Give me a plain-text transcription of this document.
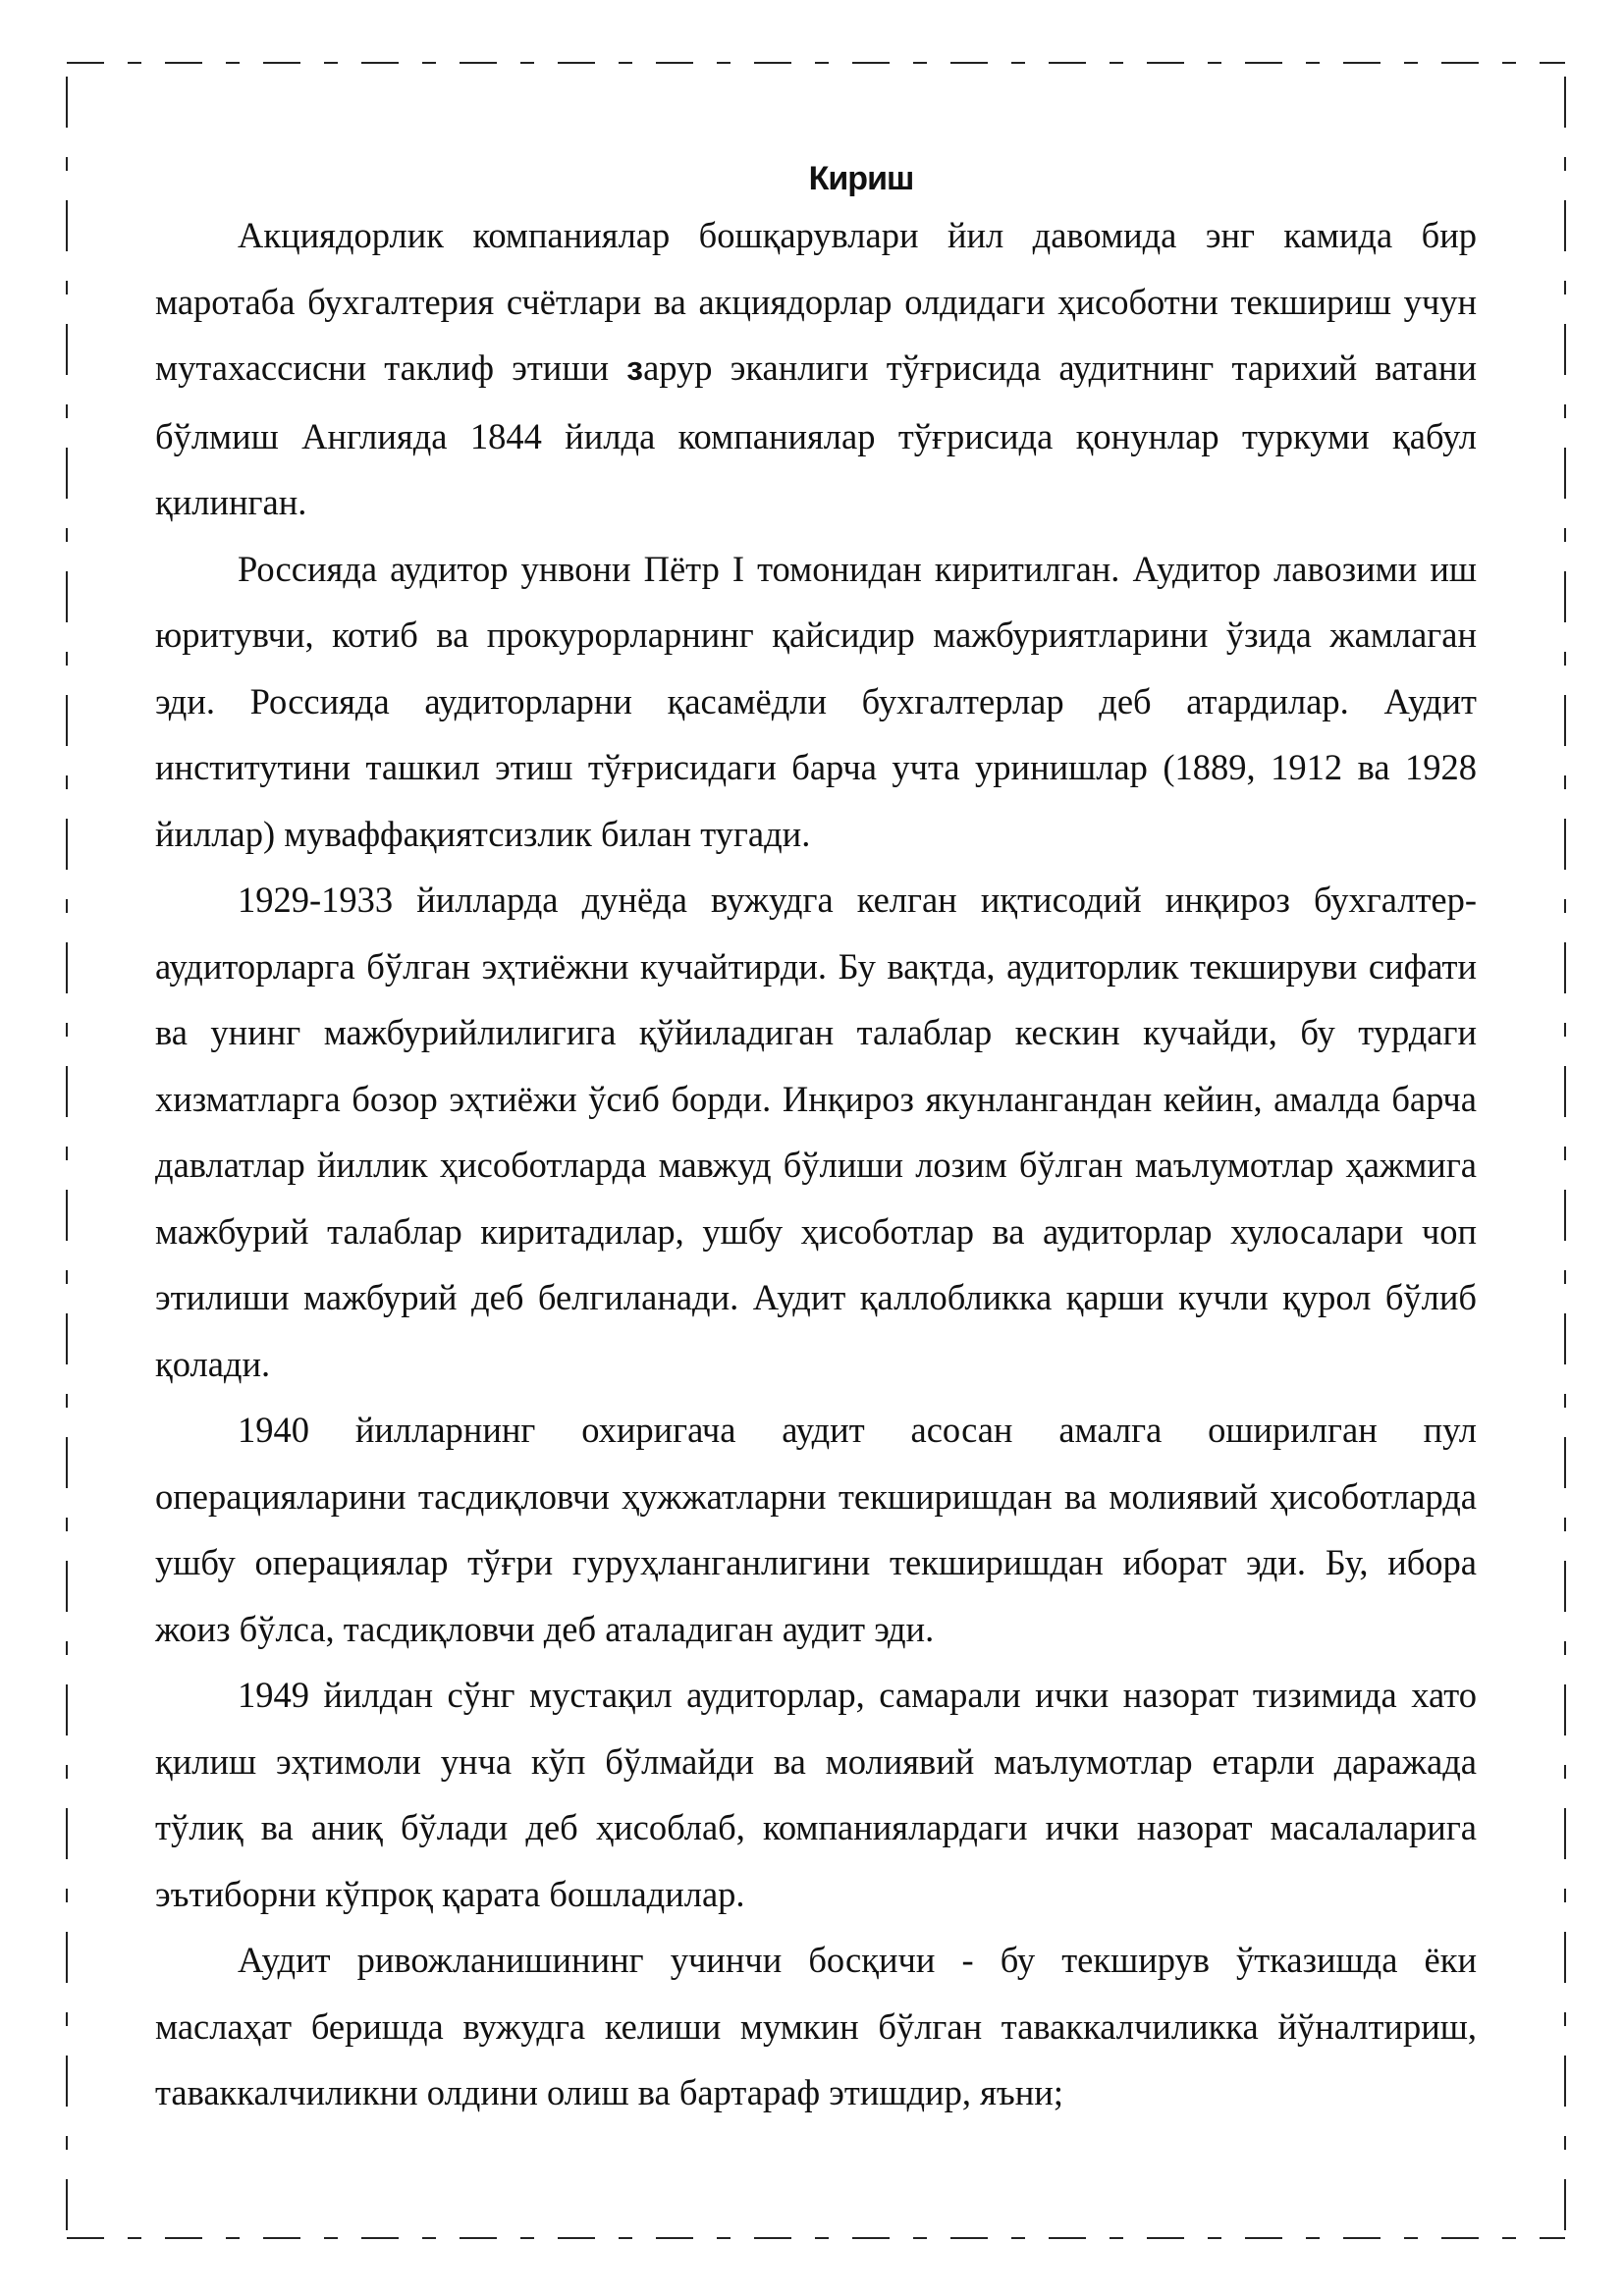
Кириш

Акциядорлик компаниялар бошқарувлари йил давомида энг камида бир маротаба бухгалтерия счётлари ва акциядорлар олдидаги ҳисоботни текшириш учун мутахассисни таклиф этиши зарур эканлиги тўғрисида аудитнинг тарихий ватани бўлмиш Англияда 1844 йилда компаниялар тўғрисида қонунлар туркуми қабул қилинган.

Россияда аудитор унвони Пётр I томонидан киритилган. Аудитор лавозими иш юритувчи, котиб ва прокурорларнинг қайсидир мажбуриятларини ўзида жамлаган эди. Россияда аудиторларни қасамёдли бухгалтерлар деб атардилар. Аудит институтини ташкил этиш тўғрисидаги барча учта уринишлар (1889, 1912 ва 1928 йиллар) муваффақиятсизлик билан тугади.

1929-1933 йилларда дунёда вужудга келган иқтисодий инқироз бухгалтер-аудиторларга бўлган эҳтиёжни кучайтирди. Бу вақтда, аудиторлик текшируви сифати ва унинг мажбурийлилигига қўйиладиган талаблар кескин кучайди, бу турдаги хизматларга бозор эҳтиёжи ўсиб борди. Инқироз якунлангандан кейин, амалда барча давлатлар йиллик ҳисоботларда мавжуд бўлиши лозим бўлган маълумотлар ҳажмига мажбурий талаблар киритадилар, ушбу ҳисоботлар ва аудиторлар хулосалари чоп этилиши мажбурий деб белгиланади. Аудит қаллобликка қарши кучли қурол бўлиб қолади.

1940 йилларнинг охиригача аудит асосан амалга оширилган пул операцияларини тасдиқловчи ҳужжатларни текширишдан ва молиявий ҳисоботларда ушбу операциялар тўғри гуруҳланганлигини текширишдан иборат эди. Бу, ибора жоиз бўлса, тасдиқловчи деб аталадиган аудит эди.

1949 йилдан сўнг мустақил аудиторлар, самарали ички назорат тизимида хато қилиш эҳтимоли унча кўп бўлмайди ва молиявий маълумотлар етарли даражада тўлиқ ва аниқ бўлади деб ҳисоблаб, компаниялардаги ички назорат масалаларига эътиборни кўпроқ қарата бошладилар.

Аудит ривожланишининг учинчи босқичи - бу текширув ўтказишда ёки маслаҳат беришда вужудга келиши мумкин бўлган таваккалчиликка йўналтириш, таваккалчиликни олдини олиш ва бартараф этишдир, яъни;
